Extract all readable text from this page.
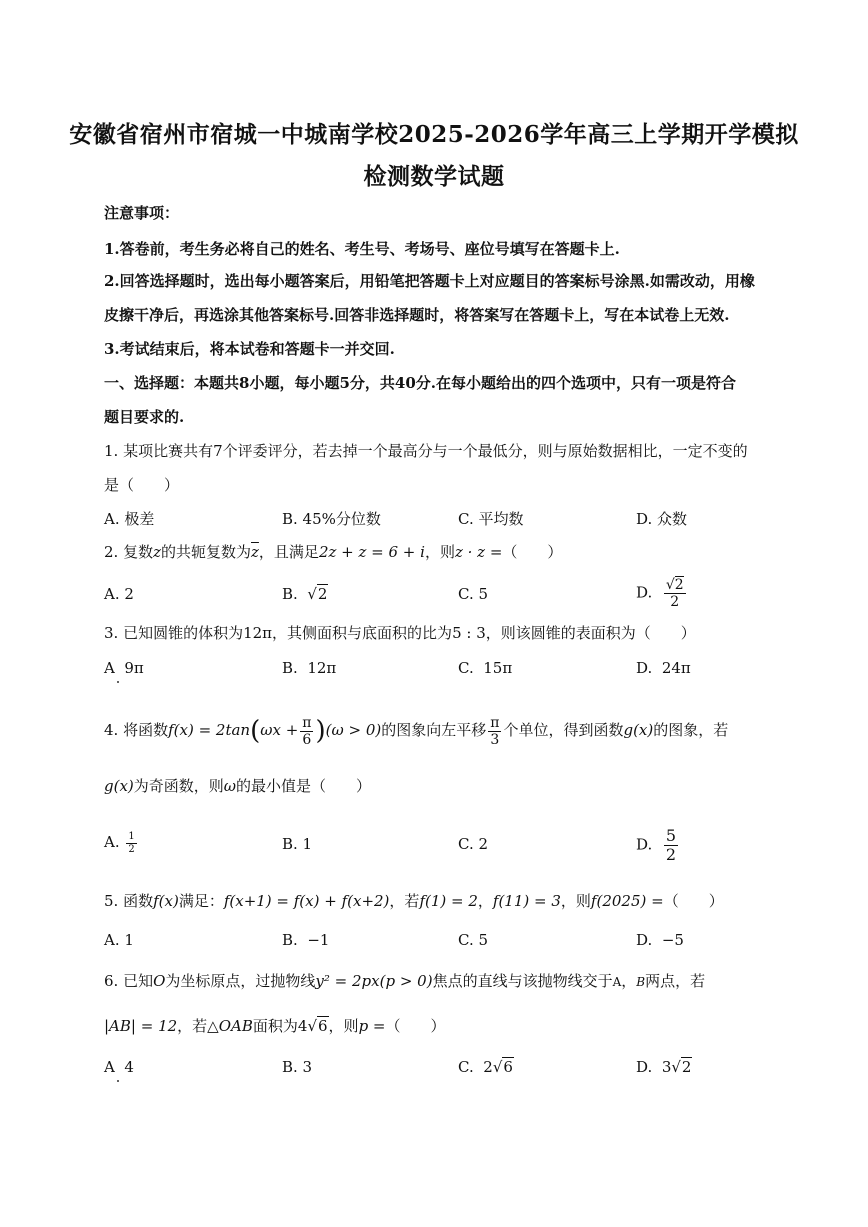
安徽省宿州市宿城一中城南学校2025-2026学年高三上学期开学模拟
检测数学试题
注意事项：
1.答卷前，考生务必将自己的姓名、考生号、考场号、座位号填写在答题卡上.
2.回答选择题时，选出每小题答案后，用铅笔把答题卡上对应题目的答案标号涂黑.如需改动，用橡
皮擦干净后，再选涂其他答案标号.回答非选择题时，将答案写在答题卡上，写在本试卷上无效.
3.考试结束后，将本试卷和答题卡一并交回.
一、选择题：本题共8小题，每小题5分，共40分.在每小题给出的四个选项中，只有一项是符合
题目要求的.
1. 某项比赛共有7个评委评分，若去掉一个最高分与一个最低分，则与原始数据相比，一定不变的
是（　　）
A. 极差	B. 45%分位数	C. 平均数	D. 众数
2. 复数z的共轭复数为$\overline{z}$，且满足2z + z = 6 + i，则z · z =（　　）
A. 2	B. √2	C. 5	D. $\frac{√2}{2}$
3. 已知圆锥的体积为12π，其侧面积与底面积的比为5 : 3，则该圆锥的表面积为（　　）
A 9π	B. 12π	C. 15π	D. 24π
4. 将函数$f(x) = 2\tan(\omega x + \frac{\pi}{6} )(\omega > 0)$的图象向左平移 $\frac{\pi}{3}$ 个单位，得到函数g(x)的图象，若
g(x)为奇函数，则ω的最小值是（　　）
A. $\frac{1}{2}$	B. 1	C. 2	D. $\frac{5}{2}$
5. 函数f(x)满足：f(x+1) = f(x) + f(x+2)，若f(1) = 2，f(11) = 3，则f(2025) =（　　）
A. 1	B. −1	C. 5	D. −5
6. 已知O为坐标原点，过抛物线y² = 2px(p > 0)焦点的直线与该抛物线交于A，B两点，若
|AB| = 12，若△OAB面积为4√6，则p =（　　）
A 4	B. 3	C. 2√6	D. 3√2
